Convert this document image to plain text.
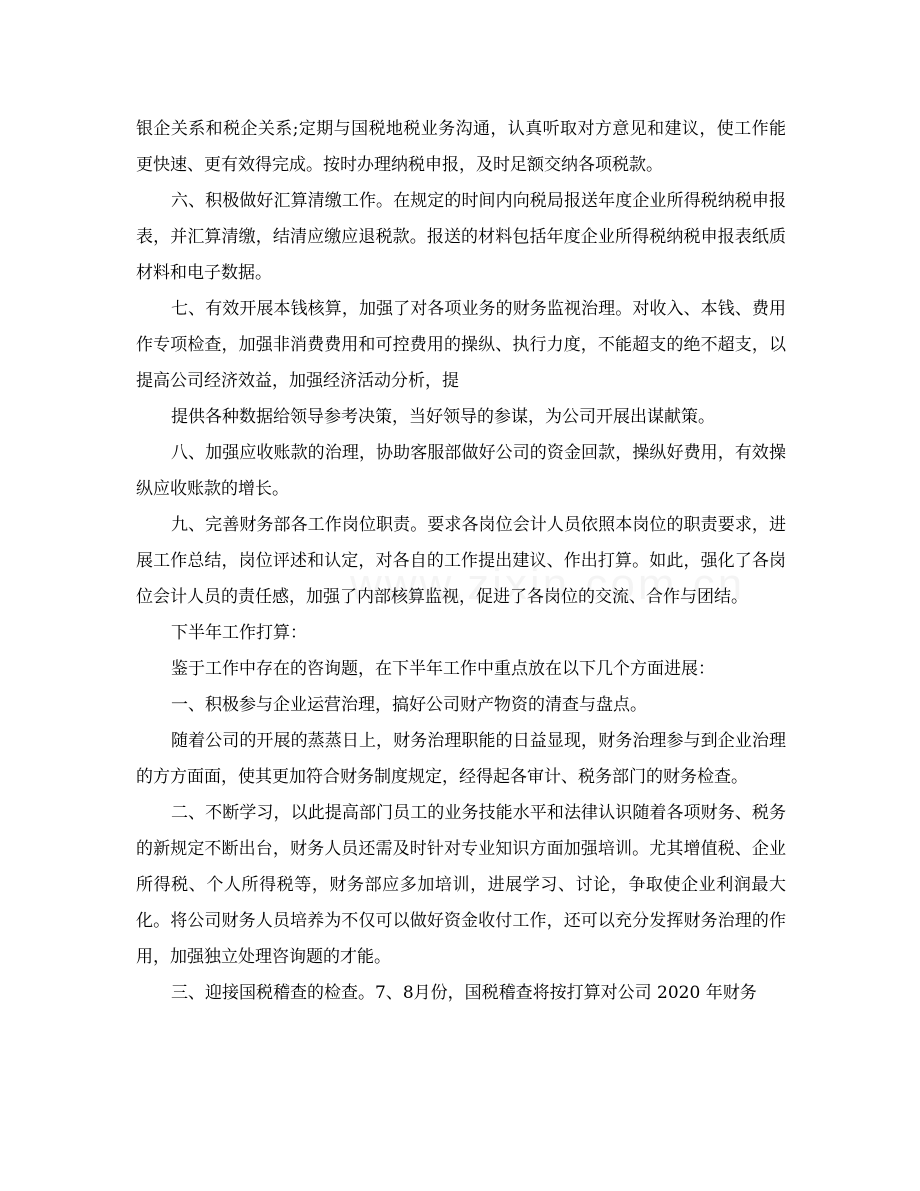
银企关系和税企关系;定期与国税地税业务沟通，认真听取对方意见和建议，使工作能更快速、更有效得完成。按时办理纳税申报，及时足额交纳各项税款。

六、积极做好汇算清缴工作。在规定的时间内向税局报送年度企业所得税纳税申报表，并汇算清缴，结清应缴应退税款。报送的材料包括年度企业所得税纳税申报表纸质材料和电子数据。

七、有效开展本钱核算，加强了对各项业务的财务监视治理。对收入、本钱、费用作专项检查，加强非消费费用和可控费用的操纵、执行力度，不能超支的绝不超支，以提高公司经济效益，加强经济活动分析，提

提供各种数据给领导参考决策，当好领导的参谋，为公司开展出谋献策。

八、加强应收账款的治理，协助客服部做好公司的资金回款，操纵好费用，有效操纵应收账款的增长。

九、完善财务部各工作岗位职责。要求各岗位会计人员依照本岗位的职责要求，进展工作总结，岗位评述和认定，对各自的工作提出建议、作出打算。如此，强化了各岗位会计人员的责任感，加强了内部核算监视，促进了各岗位的交流、合作与团结。

下半年工作打算：

鉴于工作中存在的咨询题，在下半年工作中重点放在以下几个方面进展：

一、积极参与企业运营治理，搞好公司财产物资的清查与盘点。

随着公司的开展的蒸蒸日上，财务治理职能的日益显现，财务治理参与到企业治理的方方面面，使其更加符合财务制度规定，经得起各审计、税务部门的财务检查。

二、不断学习，以此提高部门员工的业务技能水平和法律认识随着各项财务、税务的新规定不断出台，财务人员还需及时针对专业知识方面加强培训。尤其增值税、企业所得税、个人所得税等，财务部应多加培训，进展学习、讨论，争取使企业利润最大化。将公司财务人员培养为不仅可以做好资金收付工作，还可以充分发挥财务治理的作用，加强独立处理咨询题的才能。

三、迎接国税稽查的检查。7、8月份，国税稽查将按打算对公司 2020 年财务
